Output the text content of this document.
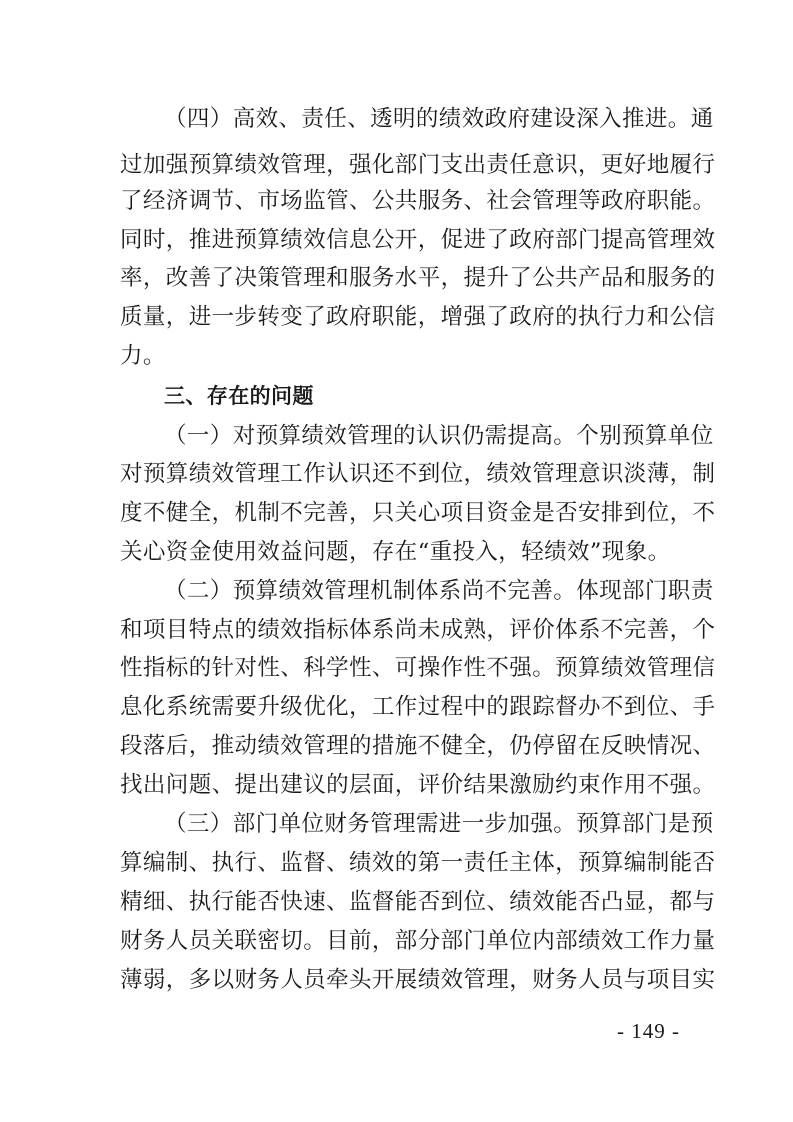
（四）高效、责任、透明的绩效政府建设深入推进。通
过加强预算绩效管理，强化部门支出责任意识，更好地履行
了经济调节、市场监管、公共服务、社会管理等政府职能。
同时，推进预算绩效信息公开，促进了政府部门提高管理效
率，改善了决策管理和服务水平，提升了公共产品和服务的
质量，进一步转变了政府职能，增强了政府的执行力和公信
力。
三、存在的问题
（一）对预算绩效管理的认识仍需提高。个别预算单位
对预算绩效管理工作认识还不到位，绩效管理意识淡薄，制
度不健全，机制不完善，只关心项目资金是否安排到位，不
关心资金使用效益问题，存在“重投入，轻绩效”现象。
（二）预算绩效管理机制体系尚不完善。体现部门职责
和项目特点的绩效指标体系尚未成熟，评价体系不完善，个
性指标的针对性、科学性、可操作性不强。预算绩效管理信
息化系统需要升级优化，工作过程中的跟踪督办不到位、手
段落后，推动绩效管理的措施不健全，仍停留在反映情况、
找出问题、提出建议的层面，评价结果激励约束作用不强。
（三）部门单位财务管理需进一步加强。预算部门是预
算编制、执行、监督、绩效的第一责任主体，预算编制能否
精细、执行能否快速、监督能否到位、绩效能否凸显，都与
财务人员关联密切。目前，部分部门单位内部绩效工作力量
薄弱，多以财务人员牵头开展绩效管理，财务人员与项目实
- 149 -
